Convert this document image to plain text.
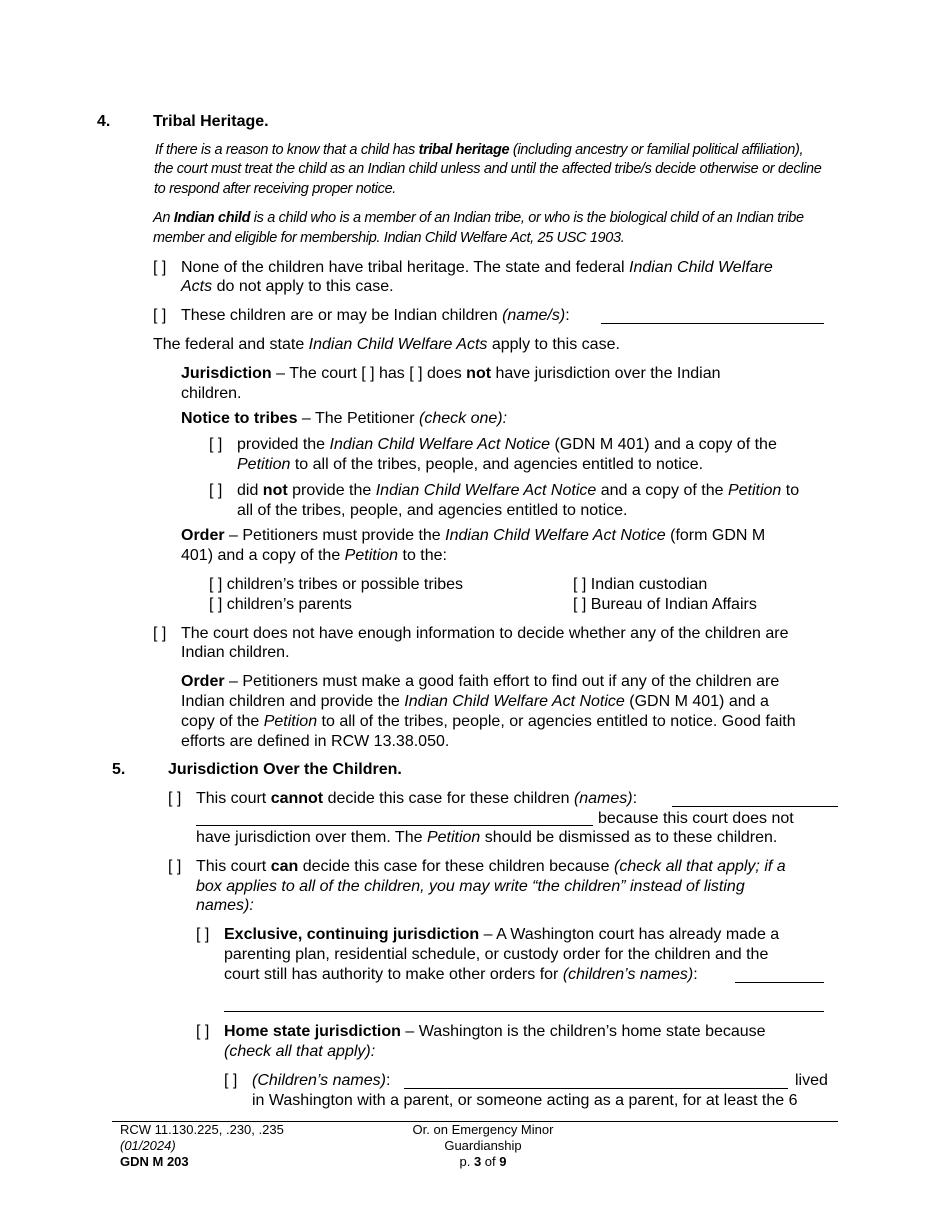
4.	Tribal Heritage.
If there is a reason to know that a child has tribal heritage (including ancestry or familial political affiliation),
the court must treat the child as an Indian child unless and until the affected tribe/s decide otherwise or decline
to respond after receiving proper notice.
An Indian child is a child who is a member of an Indian tribe, or who is the biological child of an Indian tribe
member and eligible for membership. Indian Child Welfare Act, 25 USC 1903.
[ ] None of the children have tribal heritage. The state and federal Indian Child Welfare
Acts do not apply to this case.
[ ] These children are or may be Indian children (name/s):
The federal and state Indian Child Welfare Acts apply to this case.
Jurisdiction – The court [ ] has [ ] does not have jurisdiction over the Indian
children.
Notice to tribes – The Petitioner (check one):
[ ] provided the Indian Child Welfare Act Notice (GDN M 401) and a copy of the
Petition to all of the tribes, people, and agencies entitled to notice.
[ ] did not provide the Indian Child Welfare Act Notice and a copy of the Petition to
all of the tribes, people, and agencies entitled to notice.
Order – Petitioners must provide the Indian Child Welfare Act Notice (form GDN M
401) and a copy of the Petition to the:
[ ] children’s tribes or possible tribes	[ ] Indian custodian
[ ] children’s parents	[ ] Bureau of Indian Affairs
[ ] The court does not have enough information to decide whether any of the children are
Indian children.
Order – Petitioners must make a good faith effort to find out if any of the children are
Indian children and provide the Indian Child Welfare Act Notice (GDN M 401) and a
copy of the Petition to all of the tribes, people, or agencies entitled to notice. Good faith
efforts are defined in RCW 13.38.050.
5.	Jurisdiction Over the Children.
[ ] This court cannot decide this case for these children (names):
because this court does not
have jurisdiction over them. The Petition should be dismissed as to these children.
[ ] This court can decide this case for these children because (check all that apply; if a
box applies to all of the children, you may write “the children” instead of listing
names):
[ ] Exclusive, continuing jurisdiction – A Washington court has already made a
parenting plan, residential schedule, or custody order for the children and the
court still has authority to make other orders for (children’s names):
[ ] Home state jurisdiction – Washington is the children’s home state because
(check all that apply):
[ ] (Children’s names):	lived
in Washington with a parent, or someone acting as a parent, for at least the 6
RCW 11.130.225, .230, .235
(01/2024)
GDN M 203
Or. on Emergency Minor
Guardianship
p. 3 of 9
